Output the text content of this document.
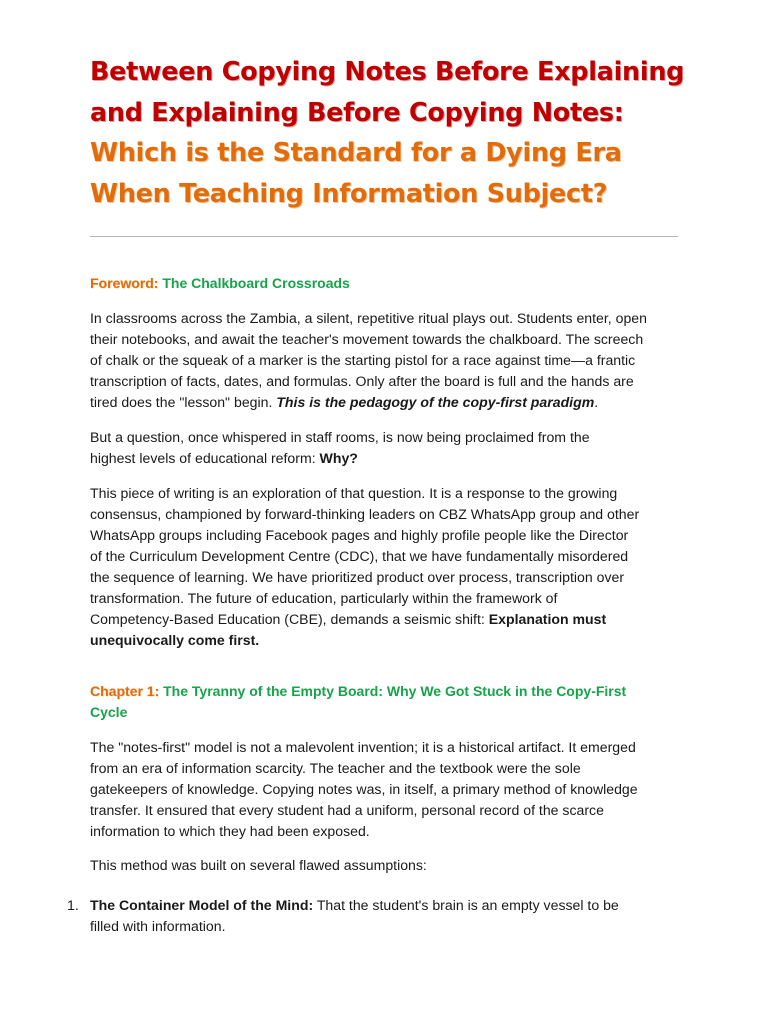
Between Copying Notes Before Explaining
and Explaining Before Copying Notes:
Which is the Standard for a Dying Era
When Teaching Information Subject?
Foreword: The Chalkboard Crossroads

In classrooms across the Zambia, a silent, repetitive ritual plays out. Students enter, open
their notebooks, and await the teacher's movement towards the chalkboard. The screech
of chalk or the squeak of a marker is the starting pistol for a race against time—a frantic
transcription of facts, dates, and formulas. Only after the board is full and the hands are
tired does the "lesson" begin. This is the pedagogy of the copy-first paradigm.

But a question, once whispered in staff rooms, is now being proclaimed from the
highest levels of educational reform: Why?

This piece of writing is an exploration of that question. It is a response to the growing
consensus, championed by forward-thinking leaders on CBZ WhatsApp group and other
WhatsApp groups including Facebook pages and highly profile people like the Director
of the Curriculum Development Centre (CDC), that we have fundamentally misordered
the sequence of learning. We have prioritized product over process, transcription over
transformation. The future of education, particularly within the framework of
Competency-Based Education (CBE), demands a seismic shift: Explanation must
unequivocally come first.

Chapter 1: The Tyranny of the Empty Board: Why We Got Stuck in the Copy-First
Cycle

The "notes-first" model is not a malevolent invention; it is a historical artifact. It emerged
from an era of information scarcity. The teacher and the textbook were the sole
gatekeepers of knowledge. Copying notes was, in itself, a primary method of knowledge
transfer. It ensured that every student had a uniform, personal record of the scarce
information to which they had been exposed.

This method was built on several flawed assumptions:

1. The Container Model of the Mind: That the student's brain is an empty vessel to be
filled with information.
